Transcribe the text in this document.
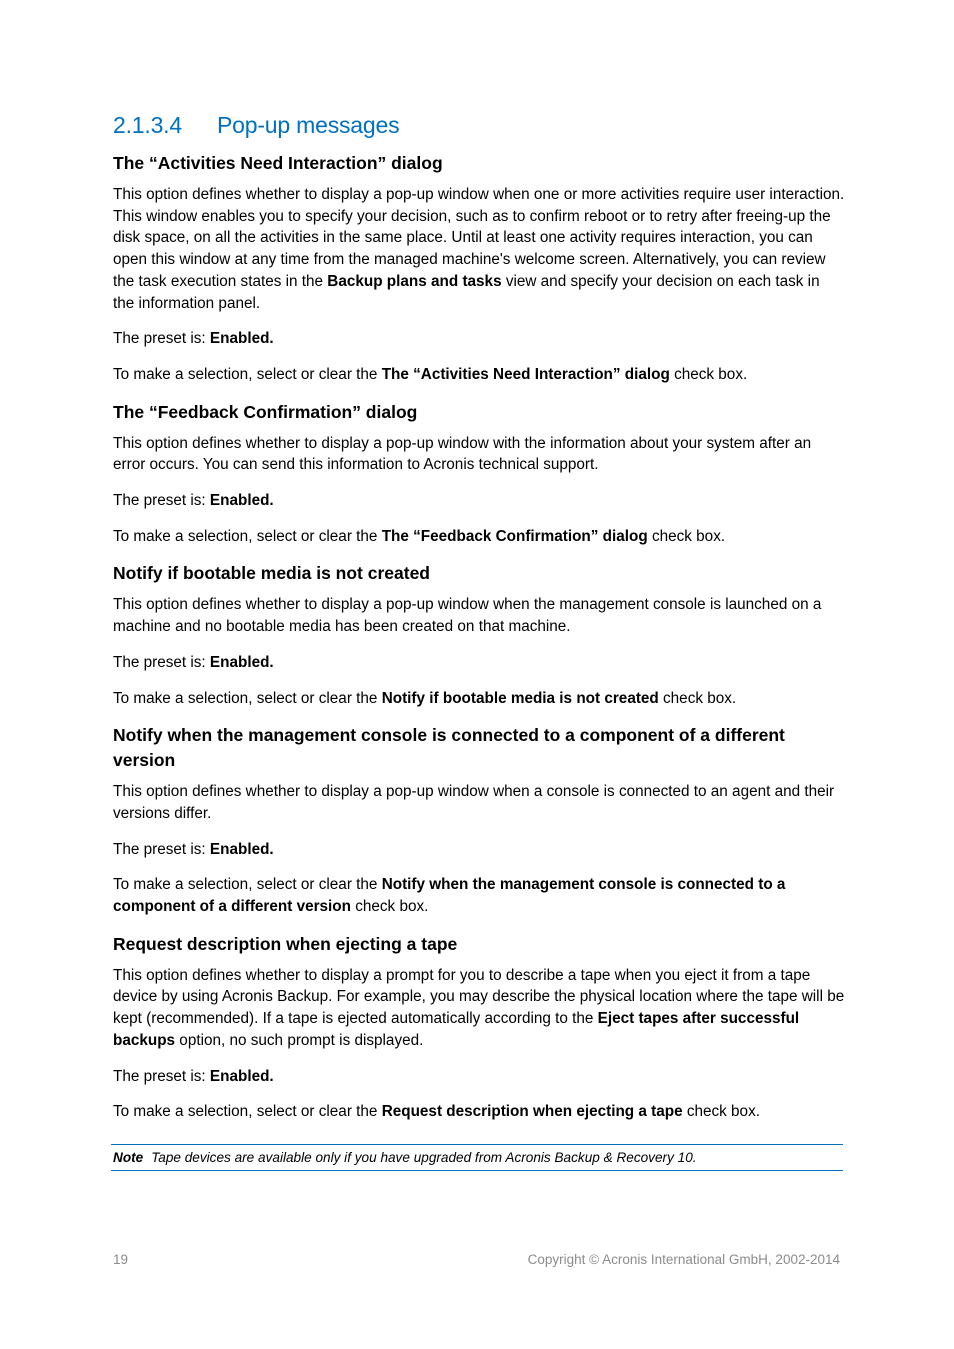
2.1.3.4 Pop-up messages
The “Activities Need Interaction” dialog

This option defines whether to display a pop-up window when one or more activities require user interaction. This window enables you to specify your decision, such as to confirm reboot or to retry after freeing-up the disk space, on all the activities in the same place. Until at least one activity requires interaction, you can open this window at any time from the managed machine's welcome screen. Alternatively, you can review the task execution states in the Backup plans and tasks view and specify your decision on each task in the information panel.

The preset is: Enabled.

To make a selection, select or clear the The “Activities Need Interaction” dialog check box.

The “Feedback Confirmation” dialog

This option defines whether to display a pop-up window with the information about your system after an error occurs. You can send this information to Acronis technical support.

The preset is: Enabled.

To make a selection, select or clear the The “Feedback Confirmation” dialog check box.

Notify if bootable media is not created

This option defines whether to display a pop-up window when the management console is launched on a machine and no bootable media has been created on that machine.

The preset is: Enabled.

To make a selection, select or clear the Notify if bootable media is not created check box.

Notify when the management console is connected to a component of a different version

This option defines whether to display a pop-up window when a console is connected to an agent and their versions differ.

The preset is: Enabled.

To make a selection, select or clear the Notify when the management console is connected to a component of a different version check box.

Request description when ejecting a tape

This option defines whether to display a prompt for you to describe a tape when you eject it from a tape device by using Acronis Backup. For example, you may describe the physical location where the tape will be kept (recommended). If a tape is ejected automatically according to the Eject tapes after successful backups option, no such prompt is displayed.

The preset is: Enabled.

To make a selection, select or clear the Request description when ejecting a tape check box.

Note Tape devices are available only if you have upgraded from Acronis Backup & Recovery 10.
19	Copyright © Acronis International GmbH, 2002-2014
